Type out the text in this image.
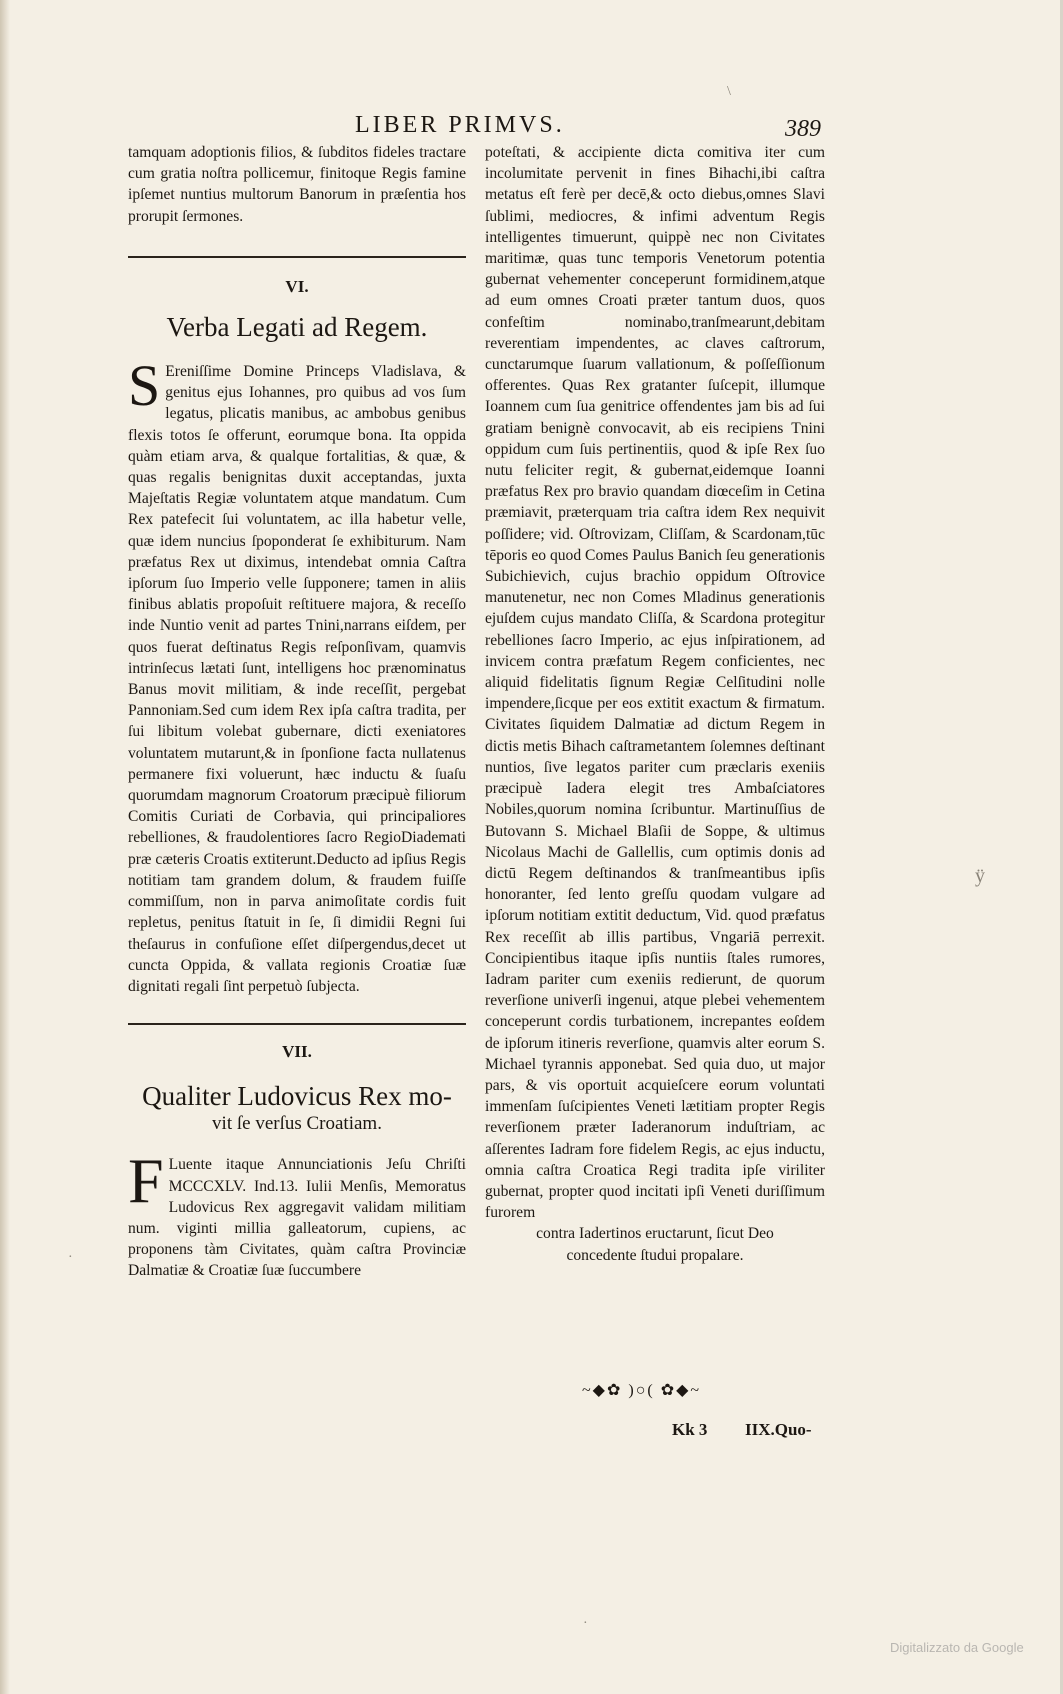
LIBER PRIMVS.	389

tamquam adoptionis filios, & ſubditos fideles tractare cum gratia noſtra pollicemur, finitoque Regis famine ipſemet nuntius multorum Banorum in præſentia hos prorupit ſermones.

VI.

Verba Legati ad Regem.

S Ereniſſime Domine Princeps Vladislava, & genitus ejus Iohannes, pro quibus ad vos ſum legatus, plicatis manibus, ac ambobus genibus flexis totos ſe offerunt, eorumque bona. Ita oppida quàm etiam arva, & qualque fortalitias, & quæ, & quas regalis benignitas duxit acceptandas, juxta Majeſtatis Regiæ voluntatem atque mandatum. Cum Rex patefecit ſui voluntatem, ac illa habetur velle, quæ idem nuncius ſpoponderat ſe exhibiturum. Nam præfatus Rex ut diximus, intendebat omnia Caſtra ipſorum ſuo Imperio velle ſupponere; tamen in aliis finibus ablatis propoſuit reſtituere majora, & receſſo inde Nuntio venit ad partes Tnini,narrans eiſdem, per quos fuerat deſtinatus Regis reſponſivam, quamvis intrinſecus lætati ſunt, intelligens hoc prænominatus Banus movit militiam, & inde receſſit, pergebat Pannoniam.Sed cum idem Rex ipſa caſtra tradita, per ſui libitum volebat gubernare, dicti exeniatores voluntatem mutarunt,& in ſponſione facta nullatenus permanere fixi voluerunt, hæc inductu & ſuaſu quorumdam magnorum Croatorum præcipuè filiorum Comitis Curiati de Corbavia, qui principaliores rebelliones, & fraudolentiores ſacro RegioDiademati præ cæteris Croatis extiterunt.Deducto ad ipſius Regis notitiam tam grandem dolum, & fraudem fuiſſe commiſſum, non in parva animoſitate cordis fuit repletus, penitus ſtatuit in ſe, ſi dimidii Regni ſui theſaurus in confuſione eſſet diſpergendus,decet ut cuncta Oppida, & vallata regionis Croatiæ ſuæ dignitati regali ſint perpetuò ſubjecta.

VII.

Qualiter Ludovicus Rex mo-

vit ſe verſus Croatiam.

F Luente itaque Annunciationis Jeſu Chriſti MCCCXLV. Ind.13. Iulii Menſis, Memoratus Ludovicus Rex aggregavit validam militiam num. viginti millia galleatorum, cupiens, ac proponens tàm Civitates, quàm caſtra Provinciæ Dalmatiæ & Croatiæ ſuæ ſuccumbere

poteſtati, & accipiente dicta comitiva iter cum incolumitate pervenit in fines Bihachi,ibi caſtra metatus eſt ferè per decē,& octo diebus,omnes Slavi ſublimi, mediocres, & infimi adventum Regis intelligentes timuerunt, quippè nec non Civitates maritimæ, quas tunc temporis Venetorum potentia gubernat vehementer conceperunt formidinem,atque ad eum omnes Croati præter tantum duos, quos confeſtim nominabo,tranſmearunt,debitam reverentiam impendentes, ac claves caſtrorum, cunctarumque ſuarum vallationum, & poſſeſſionum offerentes. Quas Rex gratanter ſuſcepit, illumque Ioannem cum ſua genitrice offendentes jam bis ad ſui gratiam benignè convocavit, ab eis recipiens Tnini oppidum cum ſuis pertinentiis, quod & ipſe Rex ſuo nutu feliciter regit, & gubernat,eidemque Ioanni præfatus Rex pro bravio quandam diœceſim in Cetina præmiavit, præterquam tria caſtra idem Rex nequivit poſſidere; vid. Oſtrovizam, Cliſſam, & Scardonam,tūc tēporis eo quod Comes Paulus Banich ſeu generationis Subichievich, cujus brachio oppidum Oſtrovice manutenetur, nec non Comes Mladinus generationis ejuſdem cujus mandato Cliſſa, & Scardona protegitur rebelliones ſacro Imperio, ac ejus inſpirationem, ad invicem contra præfatum Regem conficientes, nec aliquid fidelitatis ſignum Regiæ Celſitudini nolle impendere,ſicque per eos extitit exactum & firmatum. Civitates ſiquidem Dalmatiæ ad dictum Regem in dictis metis Bihach caſtrametantem ſolemnes deſtinant nuntios, ſive legatos pariter cum præclaris exeniis præcipuè Iadera elegit tres Ambaſciatores Nobiles,quorum nomina ſcribuntur. Martinuſſius de Butovann S. Michael Blaſii de Soppe, & ultimus Nicolaus Machi de Gallellis, cum optimis donis ad dictū Regem deſtinandos & tranſmeantibus ipſis honoranter, ſed lento greſſu quodam vulgare ad ipſorum notitiam extitit deductum, Vid. quod præfatus Rex receſſit ab illis partibus, Vngariā perrexit. Concipientibus itaque ipſis nuntiis ſtales rumores, Iadram pariter cum exeniis redierunt, de quorum reverſione univerſi ingenui, atque plebei vehementem conceperunt cordis turbationem, increpantes eoſdem de ipſorum itineris reverſione, quamvis alter eorum S. Michael tyrannis apponebat. Sed quia duo, ut major pars, & vis oportuit acquieſcere eorum voluntati immenſam ſuſcipientes Veneti lætitiam propter Regis reverſionem præter Iaderanorum induſtriam, ac aſſerentes Iadram fore fidelem Regis, ac ejus inductu, omnia caſtra Croatica Regi tradita ipſe viriliter gubernat, propter quod incitati ipſi Veneti duriſſimum furorem

contra Iadertinos eructarunt, ſicut Deo

concedente ſtudui propalare.

~◆✿ )○( ✿◆~
Kk 3 IIX.Quo-
\
ÿ
·
·
Digitalizzato da Google
